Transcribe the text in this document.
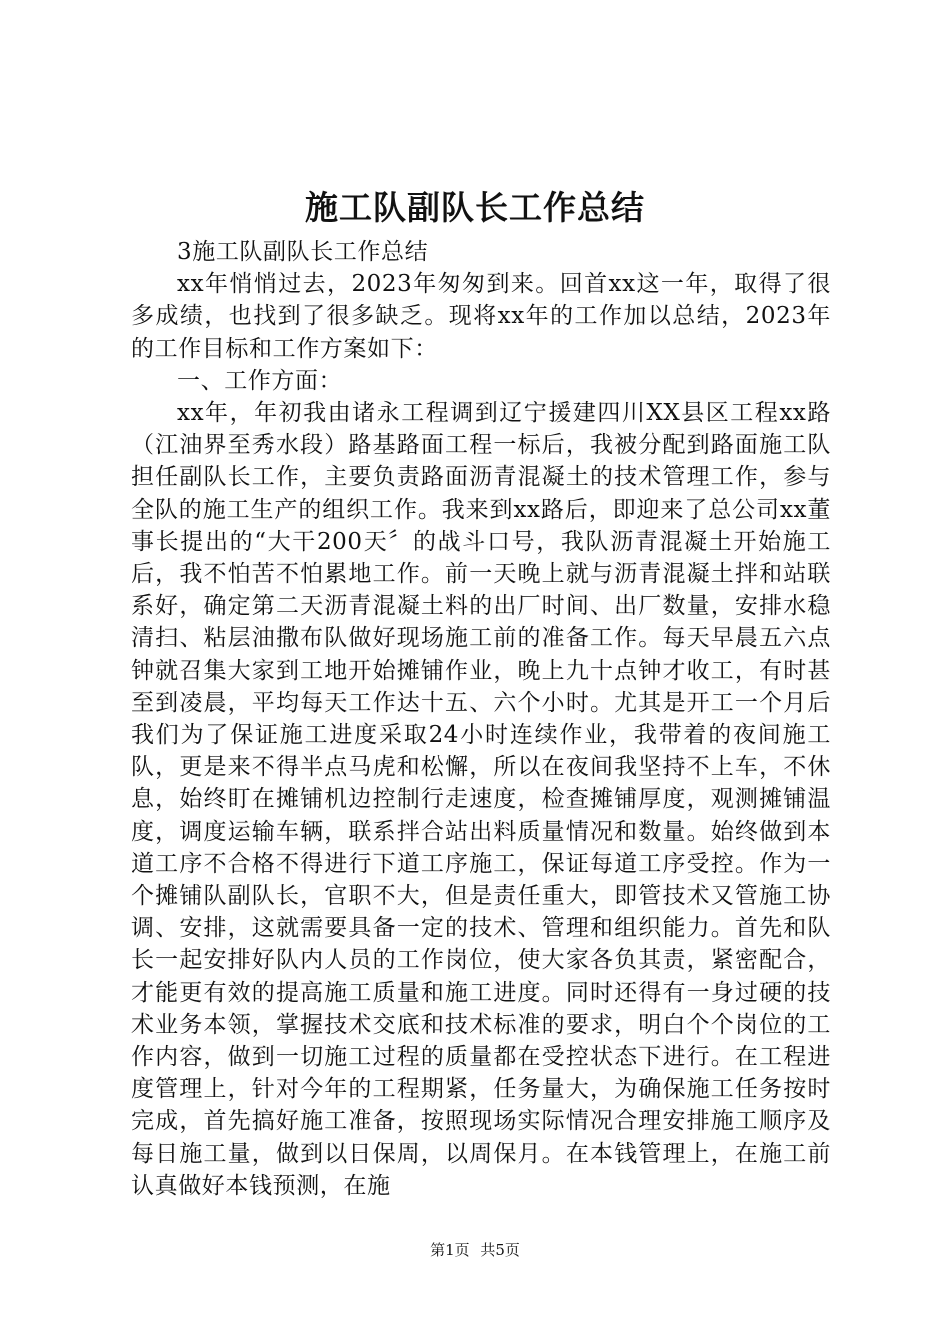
施工队副队长工作总结

3施工队副队长工作总结

xx年悄悄过去，2023年匆匆到来。回首xx这一年，取得了很多成绩，也找到了很多缺乏。现将xx年的工作加以总结，2023年的工作目标和工作方案如下：

一、工作方面：

xx年，年初我由诸永工程调到辽宁援建四川XX县区工程xx路（江油界至秀水段）路基路面工程一标后，我被分配到路面施工队担任副队长工作，主要负责路面沥青混凝土的技术管理工作，参与全队的施工生产的组织工作。我来到xx路后，即迎来了总公司xx董事长提出的“大干200天〞的战斗口号，我队沥青混凝土开始施工后，我不怕苦不怕累地工作。前一天晚上就与沥青混凝土拌和站联系好，确定第二天沥青混凝土料的出厂时间、出厂数量，安排水稳清扫、粘层油撒布队做好现场施工前的准备工作。每天早晨五六点钟就召集大家到工地开始摊铺作业，晚上九十点钟才收工，有时甚至到凌晨，平均每天工作达十五、六个小时。尤其是开工一个月后我们为了保证施工进度采取24小时连续作业，我带着的夜间施工队，更是来不得半点马虎和松懈，所以在夜间我坚持不上车，不休息，始终盯在摊铺机边控制行走速度，检查摊铺厚度，观测摊铺温度，调度运输车辆，联系拌合站出料质量情况和数量。始终做到本道工序不合格不得进行下道工序施工，保证每道工序受控。作为一个摊铺队副队长，官职不大，但是责任重大，即管技术又管施工协调、安排，这就需要具备一定的技术、管理和组织能力。首先和队长一起安排好队内人员的工作岗位，使大家各负其责，紧密配合，才能更有效的提高施工质量和施工进度。同时还得有一身过硬的技术业务本领，掌握技术交底和技术标准的要求，明白个个岗位的工作内容，做到一切施工过程的质量都在受控状态下进行。在工程进度管理上，针对今年的工程期紧，任务量大，为确保施工任务按时完成，首先搞好施工准备，按照现场实际情况合理安排施工顺序及每日施工量，做到以日保周，以周保月。在本钱管理上，在施工前认真做好本钱预测，在施

第1页 共5页
